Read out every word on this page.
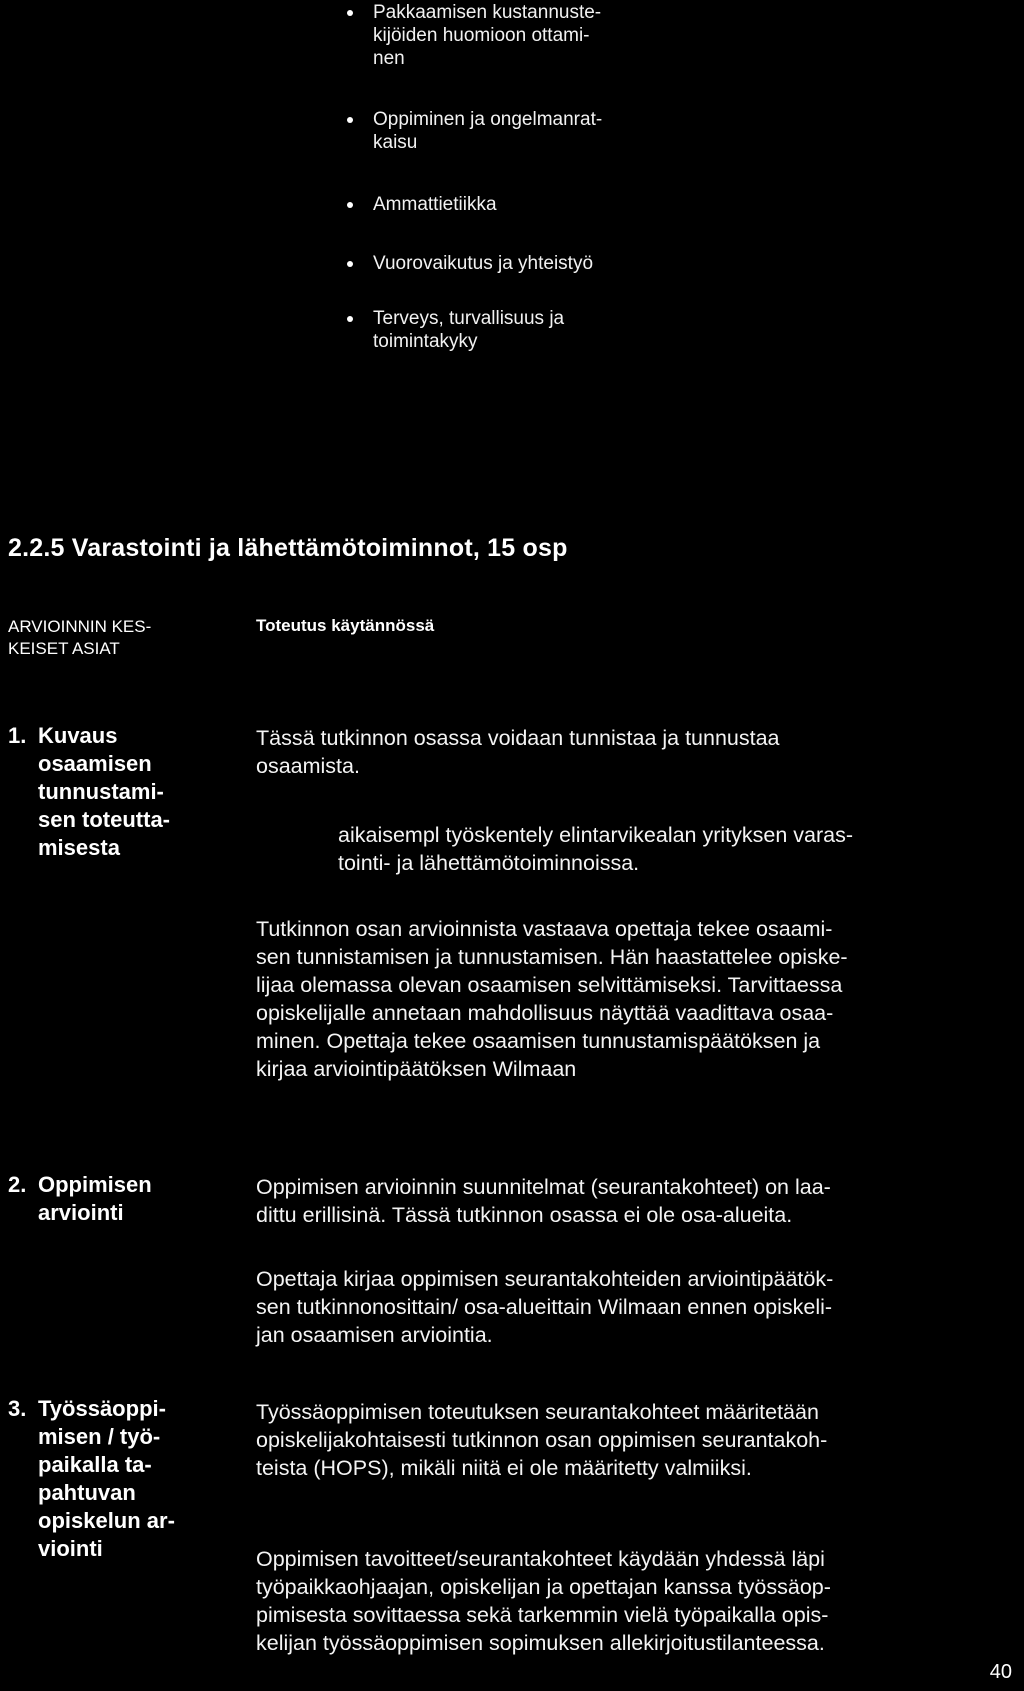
Pakkaamisen kustannuste-
kijöiden huomioon ottami-
nen
Oppiminen ja ongelmanrat-
kaisu
Ammattietiikka
Vuorovaikutus ja yhteistyö
Terveys, turvallisuus ja
toimintakyky
2.2.5 Varastointi ja lähettämötoiminnot, 15 osp
ARVIOINNIN KES-
KEISET ASIAT
Toteutus käytännössä
1. Kuvaus
osaamisen
tunnustami-
sen toteutta-
misesta
Tässä tutkinnon osassa voidaan tunnistaa ja tunnustaa
osaamista.
aikaisempl työskentely elintarvikealan yrityksen varas-
tointi- ja lähettämötoiminnoissa.
Tutkinnon osan arvioinnista vastaava opettaja tekee osaami-
sen tunnistamisen ja tunnustamisen. Hän haastattelee opiske-
lijaa olemassa olevan osaamisen selvittämiseksi. Tarvittaessa
opiskelijalle annetaan mahdollisuus näyttää vaadittava osaa-
minen. Opettaja tekee osaamisen tunnustamispäätöksen ja
kirjaa arviointipäätöksen Wilmaan
2. Oppimisen
arviointi
Oppimisen arvioinnin suunnitelmat (seurantakohteet) on laa-
dittu erillisinä. Tässä tutkinnon osassa ei ole osa-alueita.
Opettaja kirjaa oppimisen seurantakohteiden arviointipäätök-
sen tutkinnonosittain/ osa-alueittain Wilmaan ennen opiskeli-
jan osaamisen arviointia.
3. Työssäoppi-
misen / työ-
paikalla ta-
pahtuvan
opiskelun ar-
viointi
Työssäoppimisen toteutuksen seurantakohteet määritetään
opiskelijakohtaisesti tutkinnon osan oppimisen seurantakoh-
teista (HOPS), mikäli niitä ei ole määritetty valmiiksi.
Oppimisen tavoitteet/seurantakohteet käydään yhdessä läpi
työpaikkaohjaajan, opiskelijan ja opettajan kanssa työssäop-
pimisesta sovittaessa sekä tarkemmin vielä työpaikalla opis-
kelijan työssäoppimisen sopimuksen allekirjoitustilanteessa.
40
